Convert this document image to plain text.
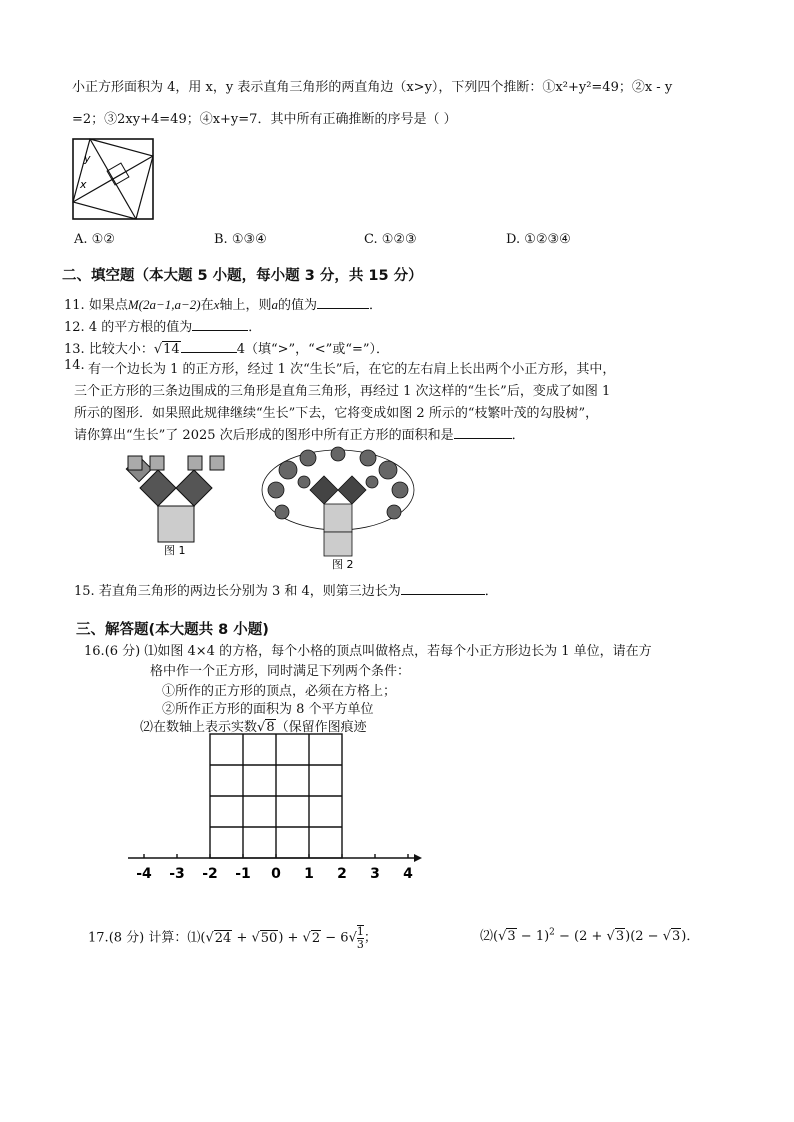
小正方形面积为 4，用 x，y 表示直角三角形的两直角边（x>y），下列四个推断：①x²+y²=49；②x - y
=2；③2xy+4=49；④x+y=7．其中所有正确推断的序号是（ ）
y
x
A. ①②	B. ①③④	C. ①②③	D. ①②③④
二、填空题（本大题 5 小题，每小题 3 分，共 15 分）
11. 如果点M(2a−1,a−2)在x轴上，则a的值为	．
12. 4 的平方根的值为	．
13. 比较大小：√14	4（填“>”，“<”或“=”）．
14. 有一个边长为 1 的正方形，经过 1 次“生长”后，在它的左右肩上长出两个小正方形，其中，
三个正方形的三条边围成的三角形是直角三角形，再经过 1 次这样的“生长”后，变成了如图 1
所示的图形．如果照此规律继续“生长”下去，它将变成如图 2 所示的“枝繁叶茂的勾股树”，
请你算出“生长”了 2025 次后形成的图形中所有正方形的面积和是	．
图 1
图 2
15. 若直角三角形的两边长分别为 3 和 4，则第三边长为	．
三、解答题(本大题共 8 小题)
16.(6 分) ⑴如图 4×4 的方格，每个小格的顶点叫做格点，若每个小正方形边长为 1 单位，请在方
格中作一个正方形，同时满足下列两个条件：
①所作的正方形的顶点，必须在方格上；
②所作正方形的面积为 8 个平方单位
⑵在数轴上表示实数√8（保留作图痕迹
-4 -3 -2 -1 0 1 2 3 4
17.(8 分) 计算：⑴(√24 + $√50) + √2 - 6√ \frac{1}{3}$ ；	⑵(√3 − 1)$^2$ − (2 + √3)(2 − √3)．
